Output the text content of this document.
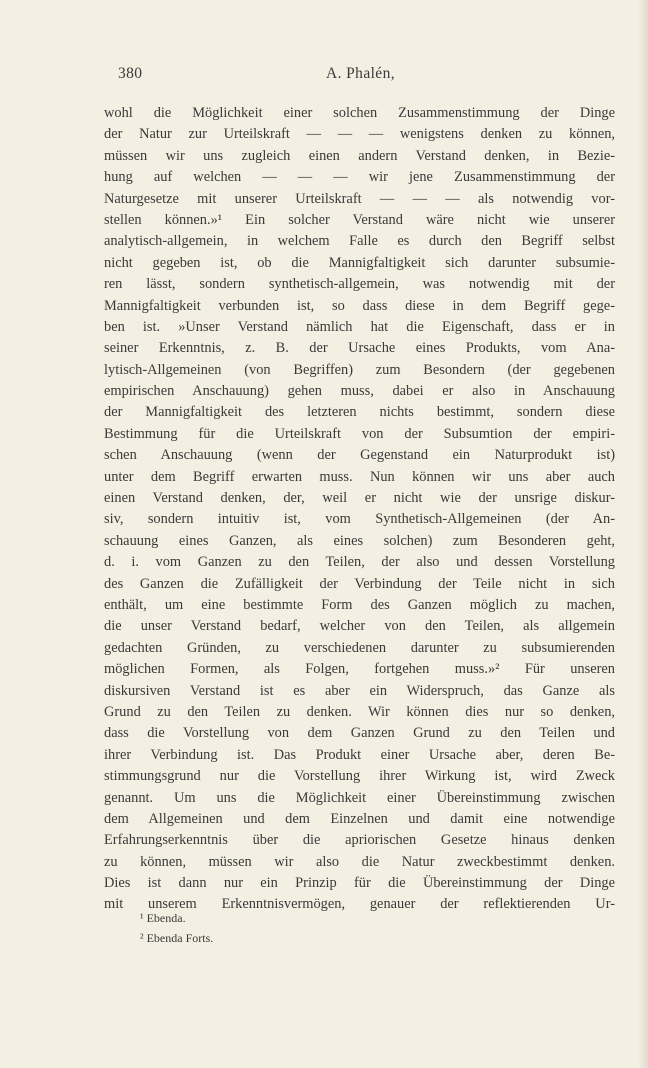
380	A. Phalén,
wohl die Möglichkeit einer solchen Zusammenstimmung der Dinge
der Natur zur Urteilskraft — — — wenigstens denken zu können,
müssen wir uns zugleich einen andern Verstand denken, in Bezie-
hung auf welchen — — — wir jene Zusammenstimmung der
Naturgesetze mit unserer Urteilskraft — — — als notwendig vor-
stellen können.»¹ Ein solcher Verstand wäre nicht wie unserer
analytisch-allgemein, in welchem Falle es durch den Begriff selbst
nicht gegeben ist, ob die Mannigfaltigkeit sich darunter subsumie-
ren lässt, sondern synthetisch-allgemein, was notwendig mit der
Mannigfaltigkeit verbunden ist, so dass diese in dem Begriff gege-
ben ist. »Unser Verstand nämlich hat die Eigenschaft, dass er in
seiner Erkenntnis, z. B. der Ursache eines Produkts, vom Ana-
lytisch-Allgemeinen (von Begriffen) zum Besondern (der gegebenen
empirischen Anschauung) gehen muss, dabei er also in Anschauung
der Mannigfaltigkeit des letzteren nichts bestimmt, sondern diese
Bestimmung für die Urteilskraft von der Subsumtion der empiri-
schen Anschauung (wenn der Gegenstand ein Naturprodukt ist)
unter dem Begriff erwarten muss. Nun können wir uns aber auch
einen Verstand denken, der, weil er nicht wie der unsrige diskur-
siv, sondern intuitiv ist, vom Synthetisch-Allgemeinen (der An-
schauung eines Ganzen, als eines solchen) zum Besonderen geht,
d. i. vom Ganzen zu den Teilen, der also und dessen Vorstellung
des Ganzen die Zufälligkeit der Verbindung der Teile nicht in sich
enthält, um eine bestimmte Form des Ganzen möglich zu machen,
die unser Verstand bedarf, welcher von den Teilen, als allgemein
gedachten Gründen, zu verschiedenen darunter zu subsumierenden
möglichen Formen, als Folgen, fortgehen muss.»² Für unseren
diskursiven Verstand ist es aber ein Widerspruch, das Ganze als
Grund zu den Teilen zu denken. Wir können dies nur so denken,
dass die Vorstellung von dem Ganzen Grund zu den Teilen und
ihrer Verbindung ist. Das Produkt einer Ursache aber, deren Be-
stimmungsgrund nur die Vorstellung ihrer Wirkung ist, wird Zweck
genannt. Um uns die Möglichkeit einer Übereinstimmung zwischen
dem Allgemeinen und dem Einzelnen und damit eine notwendige
Erfahrungserkenntnis über die apriorischen Gesetze hinaus denken
zu können, müssen wir also die Natur zweckbestimmt denken.
Dies ist dann nur ein Prinzip für die Übereinstimmung der Dinge
mit unserem Erkenntnisvermögen, genauer der reflektierenden Ur-
¹ Ebenda.
² Ebenda Forts.
